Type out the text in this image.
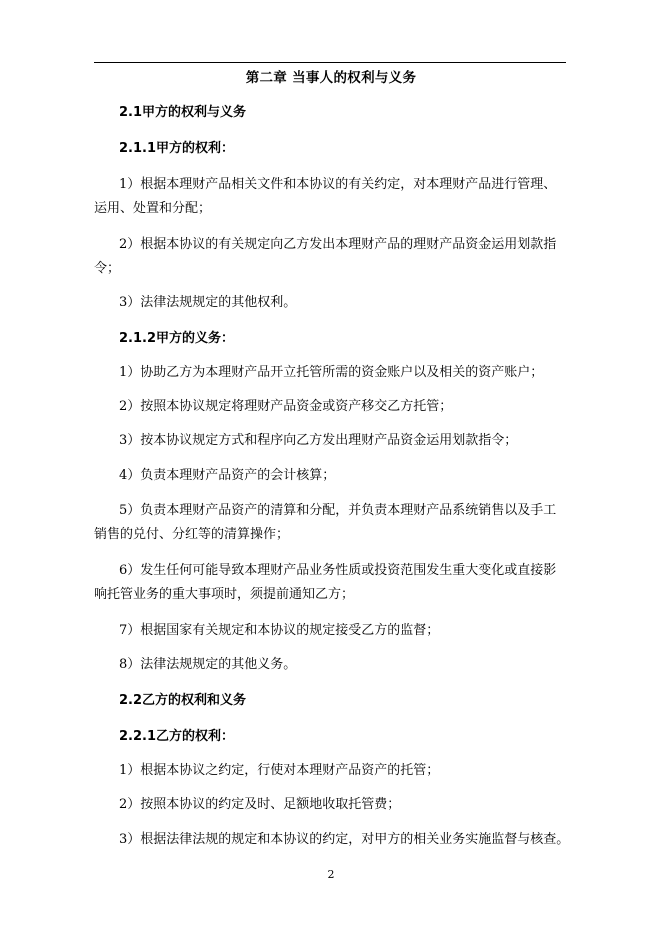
第二章 当事人的权利与义务
2.1甲方的权利与义务
2.1.1甲方的权利：
1）根据本理财产品相关文件和本协议的有关约定，对本理财产品进行管理、
运用、处置和分配；
2）根据本协议的有关规定向乙方发出本理财产品的理财产品资金运用划款指
令；
3）法律法规规定的其他权利。
2.1.2甲方的义务：
1）协助乙方为本理财产品开立托管所需的资金账户以及相关的资产账户；
2）按照本协议规定将理财产品资金或资产移交乙方托管；
3）按本协议规定方式和程序向乙方发出理财产品资金运用划款指令；
4）负责本理财产品资产的会计核算；
5）负责本理财产品资产的清算和分配，并负责本理财产品系统销售以及手工
销售的兑付、分红等的清算操作；
6）发生任何可能导致本理财产品业务性质或投资范围发生重大变化或直接影
响托管业务的重大事项时，须提前通知乙方；
7）根据国家有关规定和本协议的规定接受乙方的监督；
8）法律法规规定的其他义务。
2.2乙方的权利和义务
2.2.1乙方的权利：
1）根据本协议之约定，行使对本理财产品资产的托管；
2）按照本协议的约定及时、足额地收取托管费；
3）根据法律法规的规定和本协议的约定，对甲方的相关业务实施监督与核查。
2
